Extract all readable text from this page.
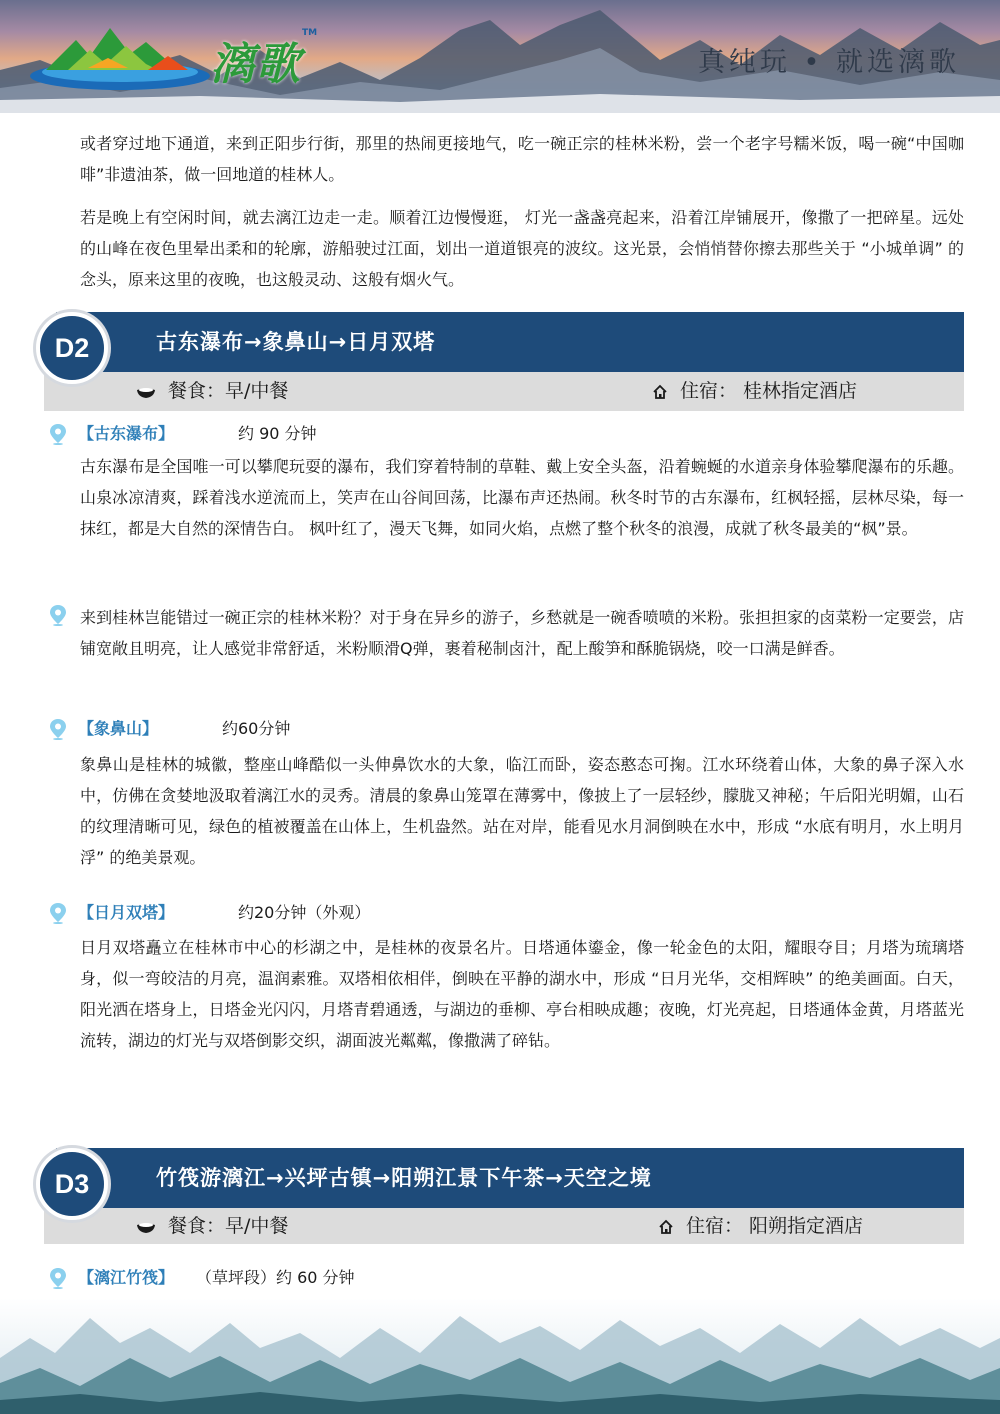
漓歌
TM
真纯玩 • 就选漓歌
或者穿过地下通道，来到正阳步行街，那里的热闹更接地气，吃一碗正宗的桂林米粉，尝一个老字号糯米饭，喝一碗“中国咖啡”非遗油茶，做一回地道的桂林人。
若是晚上有空闲时间，就去漓江边走一走。顺着江边慢慢逛， 灯光一盏盏亮起来，沿着江岸铺展开，像撒了一把碎星。远处的山峰在夜色里晕出柔和的轮廓，游船驶过江面，划出一道道银亮的波纹。这光景，会悄悄替你擦去那些关于 “小城单调” 的念头，原来这里的夜晚，也这般灵动、这般有烟火气。
古东瀑布→象鼻山→日月双塔
餐食：早/中餐	住宿： 桂林指定酒店
D2
【古东瀑布】	约 90 分钟
古东瀑布是全国唯一可以攀爬玩耍的瀑布，我们穿着特制的草鞋、戴上安全头盔，沿着蜿蜒的水道亲身体验攀爬瀑布的乐趣。山泉冰凉清爽，踩着浅水逆流而上，笑声在山谷间回荡，比瀑布声还热闹。秋冬时节的古东瀑布，红枫轻摇，层林尽染，每一抹红，都是大自然的深情告白。 枫叶红了，漫天飞舞，如同火焰，点燃了整个秋冬的浪漫，成就了秋冬最美的“枫”景。
来到桂林岂能错过一碗正宗的桂林米粉？对于身在异乡的游子，乡愁就是一碗香喷喷的米粉。张担担家的卤菜粉一定要尝，店铺宽敞且明亮，让人感觉非常舒适，米粉顺滑Q弹，裹着秘制卤汁，配上酸笋和酥脆锅烧，咬一口满是鲜香。
【象鼻山】	约60分钟
象鼻山是桂林的城徽，整座山峰酷似一头伸鼻饮水的大象，临江而卧，姿态憨态可掬。江水环绕着山体，大象的鼻子深入水中，仿佛在贪婪地汲取着漓江水的灵秀。清晨的象鼻山笼罩在薄雾中，像披上了一层轻纱，朦胧又神秘；午后阳光明媚，山石的纹理清晰可见，绿色的植被覆盖在山体上，生机盎然。站在对岸，能看见水月洞倒映在水中，形成 “水底有明月，水上明月浮” 的绝美景观。
【日月双塔】	约20分钟（外观）
日月双塔矗立在桂林市中心的杉湖之中，是桂林的夜景名片。日塔通体鎏金，像一轮金色的太阳，耀眼夺目；月塔为琉璃塔身，似一弯皎洁的月亮，温润素雅。双塔相依相伴，倒映在平静的湖水中，形成 “日月光华，交相辉映” 的绝美画面。白天，阳光洒在塔身上，日塔金光闪闪，月塔青碧通透，与湖边的垂柳、亭台相映成趣；夜晚，灯光亮起，日塔通体金黄，月塔蓝光流转，湖边的灯光与双塔倒影交织，湖面波光粼粼，像撒满了碎钻。
竹筏游漓江→兴坪古镇→阳朔江景下午茶→天空之境
餐食：早/中餐	住宿： 阳朔指定酒店
D3
【漓江竹筏】 （草坪段）约 60 分钟
